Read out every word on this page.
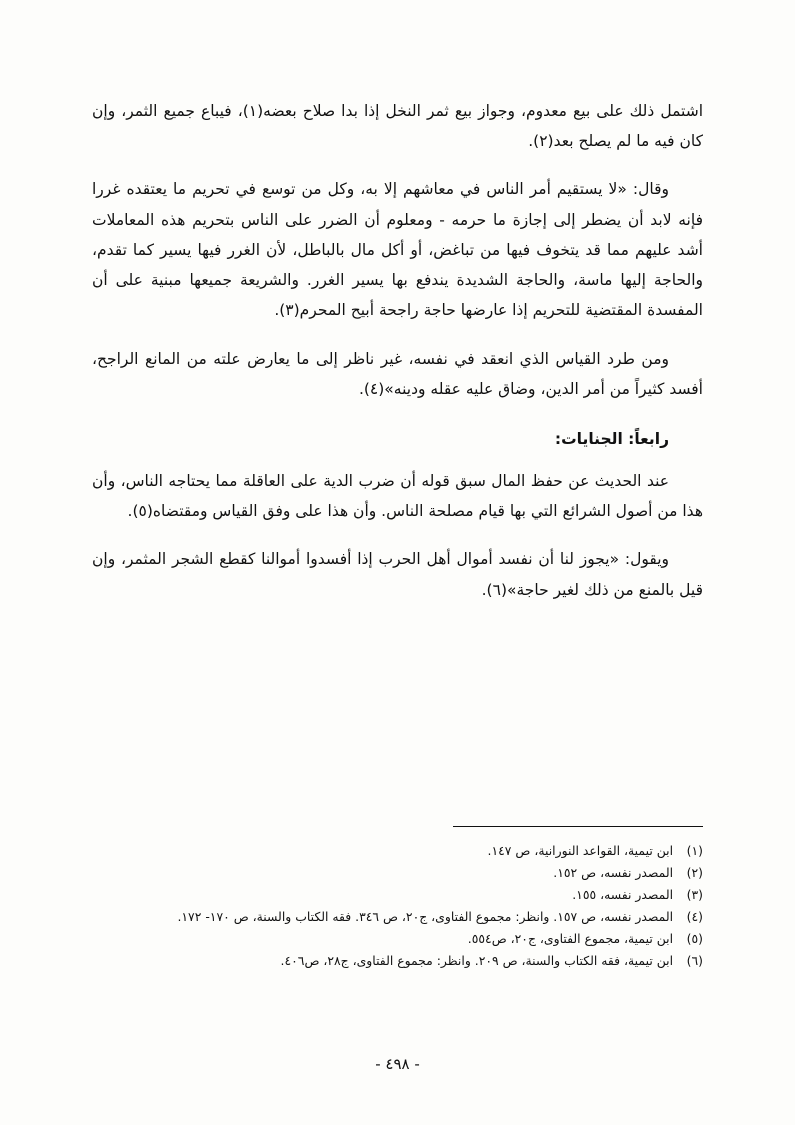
اشتمل ذلك على بيع معدوم، وجواز بيع ثمر النخل إذا بدا صلاح بعضه(١)، فيباع جميع الثمر، وإن كان فيه ما لم يصلح بعد(٢).

وقال: «لا يستقيم أمر الناس في معاشهم إلا به، وكل من توسع في تحريم ما يعتقده غررا فإنه لابد أن يضطر إلى إجازة ما حرمه - ومعلوم أن الضرر على الناس بتحريم هذه المعاملات أشد عليهم مما قد يتخوف فيها من تباغض، أو أكل مال بالباطل، لأن الغرر فيها يسير كما تقدم، والحاجة إليها ماسة، والحاجة الشديدة يندفع بها يسير الغرر. والشريعة جميعها مبنية على أن المفسدة المقتضية للتحريم إذا عارضها حاجة راجحة أبيح المحرم(٣).

ومن طرد القياس الذي انعقد في نفسه، غير ناظر إلى ما يعارض علته من المانع الراجح، أفسد كثيراً من أمر الدين، وضاق عليه عقله ودينه»(٤).

رابعاً: الجنايات:

عند الحديث عن حفظ المال سبق قوله أن ضرب الدية على العاقلة مما يحتاجه الناس، وأن هذا من أصول الشرائع التي بها قيام مصلحة الناس. وأن هذا على وفق القياس ومقتضاه(٥).

ويقول: «يجوز لنا أن نفسد أموال أهل الحرب إذا أفسدوا أموالنا كقطع الشجر المثمر، وإن قيل بالمنع من ذلك لغير حاجة»(٦).

(١) ابن تيمية، القواعد النورانية، ص ١٤٧.

(٢) المصدر نفسه، ص ١٥٢.

(٣) المصدر نفسه، ١٥٥.

(٤) المصدر نفسه، ص ١٥٧. وانظر: مجموع الفتاوى، ج٢٠، ص ٣٤٦. فقه الكتاب والسنة، ص ١٧٠- ١٧٢.

(٥) ابن تيمية، مجموع الفتاوى، ج٢٠، ص٥٥٤.

(٦) ابن تيمية، فقه الكتاب والسنة، ص ٢٠٩. وانظر: مجموع الفتاوى، ج٢٨، ص٤٠٦.

- ٤٩٨ -
